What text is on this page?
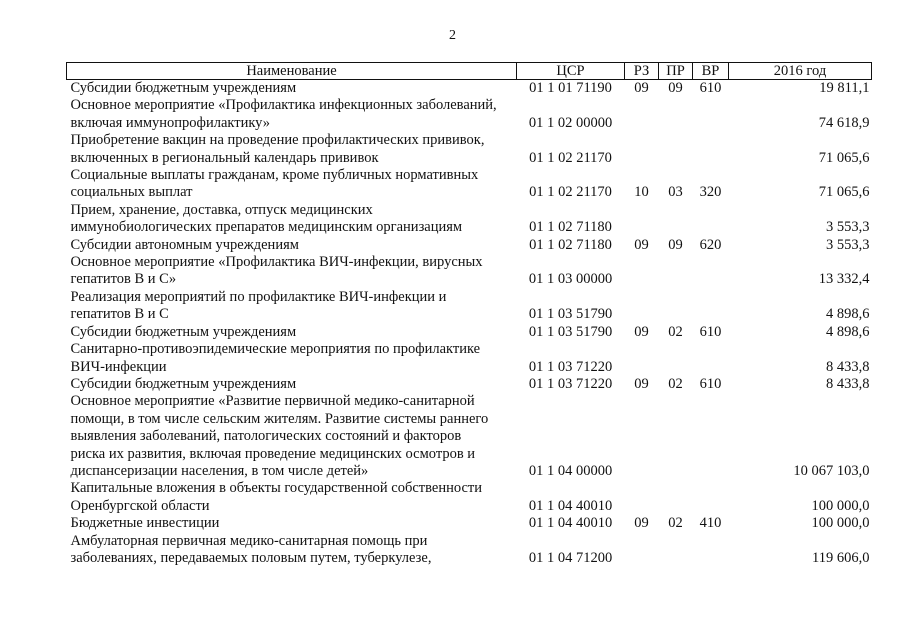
2
Наименование	ЦСР	РЗ	ПР	ВР	2016 год
Субсидии бюджетным учреждениям	01 1 01 71190	09	09	610	19 811,1
Основное мероприятие «Профилактика инфекционных заболеваний,
включая иммунопрофилактику»	01 1 02 00000				74 618,9
Приобретение вакцин на проведение профилактических прививок,
включенных в региональный календарь прививок	01 1 02 21170				71 065,6
Социальные выплаты гражданам, кроме публичных нормативных
социальных выплат	01 1 02 21170	10	03	320	71 065,6
Прием, хранение, доставка, отпуск медицинских
иммунобиологических препаратов медицинским организациям	01 1 02 71180				3 553,3
Субсидии автономным учреждениям	01 1 02 71180	09	09	620	3 553,3
Основное мероприятие «Профилактика ВИЧ-инфекции, вирусных
гепатитов В и С»	01 1 03 00000				13 332,4
Реализация мероприятий по профилактике ВИЧ-инфекции и
гепатитов В и С	01 1 03 51790				4 898,6
Субсидии бюджетным учреждениям	01 1 03 51790	09	02	610	4 898,6
Санитарно-противоэпидемические мероприятия по профилактике
ВИЧ-инфекции	01 1 03 71220				8 433,8
Субсидии бюджетным учреждениям	01 1 03 71220	09	02	610	8 433,8
Основное мероприятие «Развитие первичной медико-санитарной
помощи, в том числе сельским жителям. Развитие системы раннего
выявления заболеваний, патологических состояний и факторов
риска их развития, включая проведение медицинских осмотров и
диспансеризации населения, в том числе детей»	01 1 04 00000				10 067 103,0
Капитальные вложения в объекты государственной собственности
Оренбургской области	01 1 04 40010				100 000,0
Бюджетные инвестиции	01 1 04 40010	09	02	410	100 000,0
Амбулаторная первичная медико-санитарная помощь при
заболеваниях, передаваемых половым путем, туберкулезе,	01 1 04 71200				119 606,0
